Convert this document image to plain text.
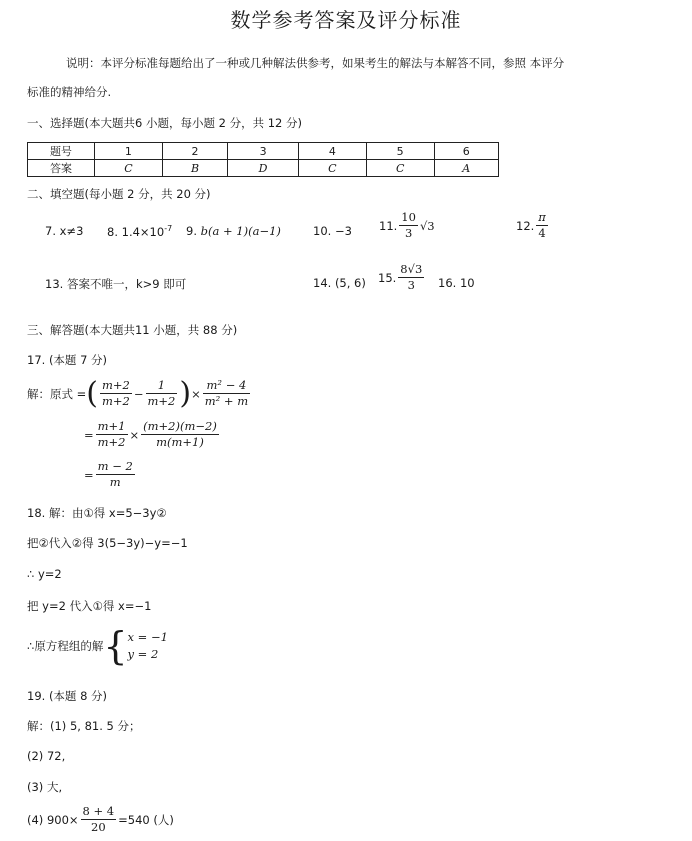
数学参考答案及评分标准
说明：本评分标准每题给出了一种或几种解法供参考，如果考生的解法与本解答不同，参照 本评分
标准的精神给分.
一、选择题(本大题共6 小题，每小题 2 分，共 12 分)
题号	1	2	3	4	5	6
答案	C	B	D	C	C	A
二、填空题(每小题 2 分，共 20 分)
7. x≠3 8. $1.4\times 10^{-7}$ 9. b(a + 1)(a−1)	10. −3 11. $\frac{10}{3} √3$	12. $\frac{\pi}{4}$
13. 答案不唯一，k>9 即可	14. (5, 6) 15. $\frac{8√3}{3} 16$. 10
三、解答题(本大题共11 小题，共 88 分)
17. (本题 7 分)
解：原式 = ( $\frac{m+2}{m+2} - \frac{1}{m+2}$ ) × $\frac{\text{m² − 4}}{\text{m² + m}}$
= $\frac{m+1}{m+2} \times \frac{(m+2)(m-2)}{m(m+1)}$
= $\frac{m - 2}{m}$
18. 解：由①得 x=5−3y②
把②代入②得 3(5−3y)−y=−1
∴ y=2
把 y=2 代入①得 x=−1
∴原方程组的解 { x = −1
y = 2
19. (本题 8 分)
解：(1) 5, 81. 5 分；
(2) 72,
(3) 大,
(4) $900\times \frac{8 + 4}{20} =540$ (人)
